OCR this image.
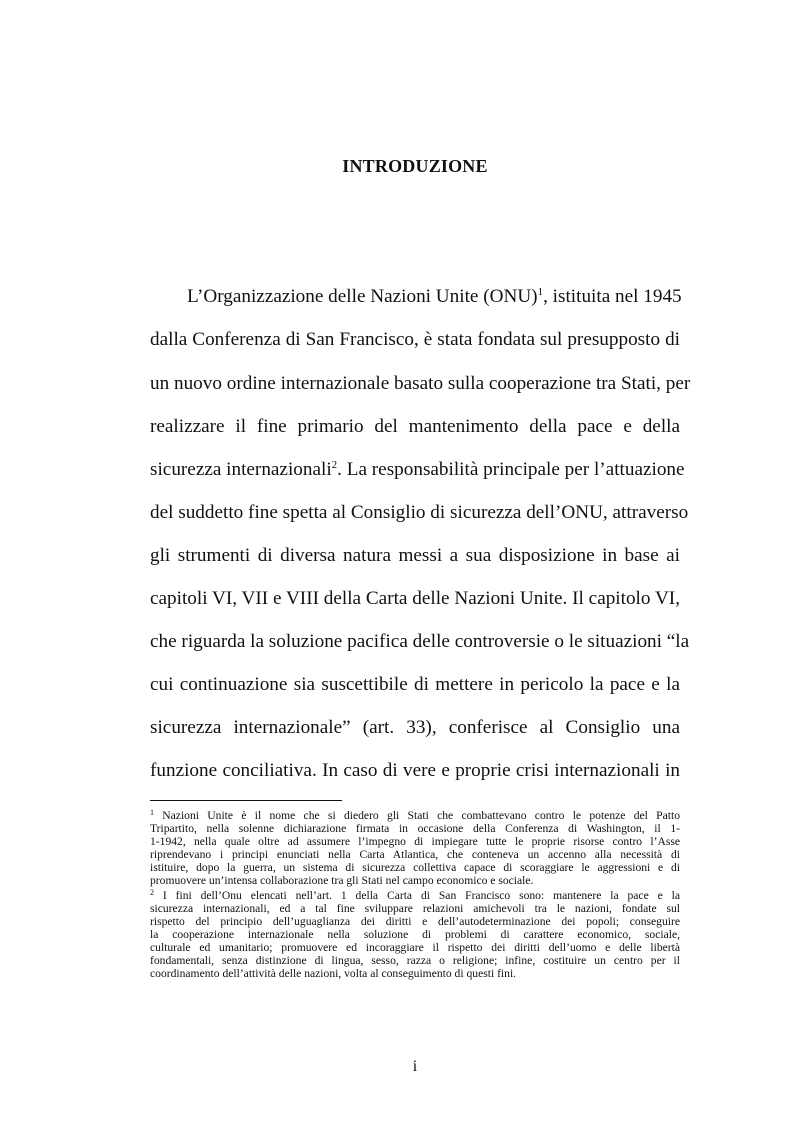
INTRODUZIONE
L’Organizzazione delle Nazioni Unite (ONU)$^1$, istituita nel 1945
dalla Conferenza di San Francisco, è stata fondata sul presupposto di
un nuovo ordine internazionale basato sulla cooperazione tra Stati, per
realizzare il fine primario del mantenimento della pace e della
sicurezza internazionali$^2$. La responsabilità principale per l’attuazione
del suddetto fine spetta al Consiglio di sicurezza dell’ONU, attraverso
gli strumenti di diversa natura messi a sua disposizione in base ai
capitoli VI, VII e VIII della Carta delle Nazioni Unite. Il capitolo VI,
che riguarda la soluzione pacifica delle controversie o le situazioni “la
cui continuazione sia suscettibile di mettere in pericolo la pace e la
sicurezza internazionale” (art. 33), conferisce al Consiglio una
funzione conciliativa. In caso di vere e proprie crisi internazionali in
$^1$ Nazioni Unite è il nome che si diedero gli Stati che combattevano contro le potenze del Patto
Tripartito, nella solenne dichiarazione firmata in occasione della Conferenza di Washington, il 1-
1-1942, nella quale oltre ad assumere l’impegno di impiegare tutte le proprie risorse contro l’Asse
riprendevano i principi enunciati nella Carta Atlantica, che conteneva un accenno alla necessità di
istituire, dopo la guerra, un sistema di sicurezza collettiva capace di scoraggiare le aggressioni e di
promuovere un’intensa collaborazione tra gli Stati nel campo economico e sociale.
$^2$ I fini dell’Onu elencati nell’art. 1 della Carta di San Francisco sono: mantenere la pace e la
sicurezza internazionali, ed a tal fine sviluppare relazioni amichevoli tra le nazioni, fondate sul
rispetto del principio dell’uguaglianza dei diritti e dell’autodeterminazione dei popoli; conseguire
la cooperazione internazionale nella soluzione di problemi di carattere economico, sociale,
culturale ed umanitario; promuovere ed incoraggiare il rispetto dei diritti dell’uomo e delle libertà
fondamentali, senza distinzione di lingua, sesso, razza o religione; infine, costituire un centro per il
coordinamento dell’attività delle nazioni, volta al conseguimento di questi fini.
i
